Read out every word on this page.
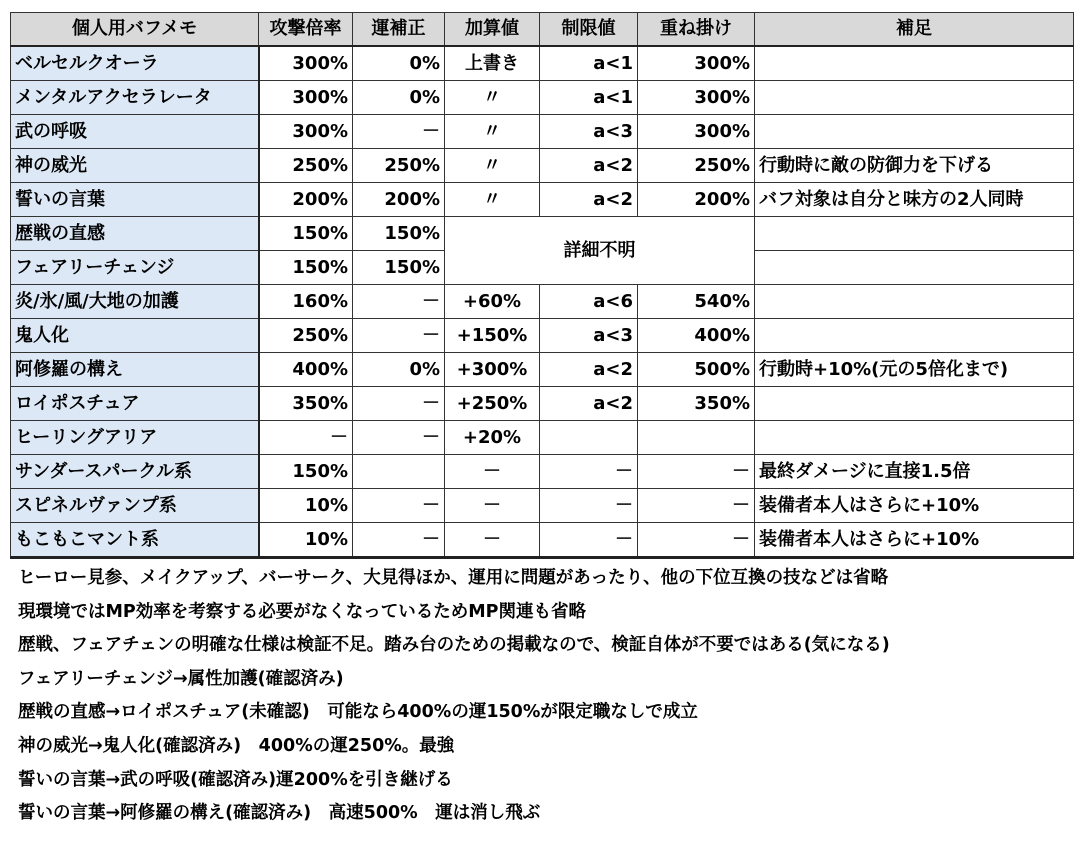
個人用バフメモ	攻撃倍率	運補正	加算値	制限値	重ね掛け	補足
ベルセルクオーラ	300%	0%	上書き	a<1	300%	
メンタルアクセラレータ	300%	0%	〃	a<1	300%	
武の呼吸	300%	－	〃	a<3	300%	
神の威光	250%	250%	〃	a<2	250%	行動時に敵の防御力を下げる
誓いの言葉	200%	200%	〃	a<2	200%	バフ対象は自分と味方の2人同時
歴戦の直感	150%	150%	詳細不明			
フェアリーチェンジ	150%	150%				
炎/氷/風/大地の加護	160%	－	+60%	a<6	540%	
鬼人化	250%	－	+150%	a<3	400%	
阿修羅の構え	400%	0%	+300%	a<2	500%	行動時+10%(元の5倍化まで)
ロイポスチュア	350%	－	+250%	a<2	350%	
ヒーリングアリア	－	－	+20%			
サンダースパークル系	150%		－	－	－	最終ダメージに直接1.5倍
スピネルヴァンプ系	10%	－	－	－	－	装備者本人はさらに+10%
もこもこマント系	10%	－	－	－	－	装備者本人はさらに+10%
ヒーロー見参、メイクアップ、バーサーク、大見得ほか、運用に問題があったり、他の下位互換の技などは省略
現環境ではMP効率を考察する必要がなくなっているためMP関連も省略
歴戦、フェアチェンの明確な仕様は検証不足。踏み台のための掲載なので、検証自体が不要ではある(気になる)
フェアリーチェンジ→属性加護(確認済み)
歴戦の直感→ロイポスチュア(未確認)　可能なら400%の運150%が限定職なしで成立
神の威光→鬼人化(確認済み)　400%の運250%。最強
誓いの言葉→武の呼吸(確認済み)運200%を引き継げる
誓いの言葉→阿修羅の構え(確認済み)　高速500%　運は消し飛ぶ
